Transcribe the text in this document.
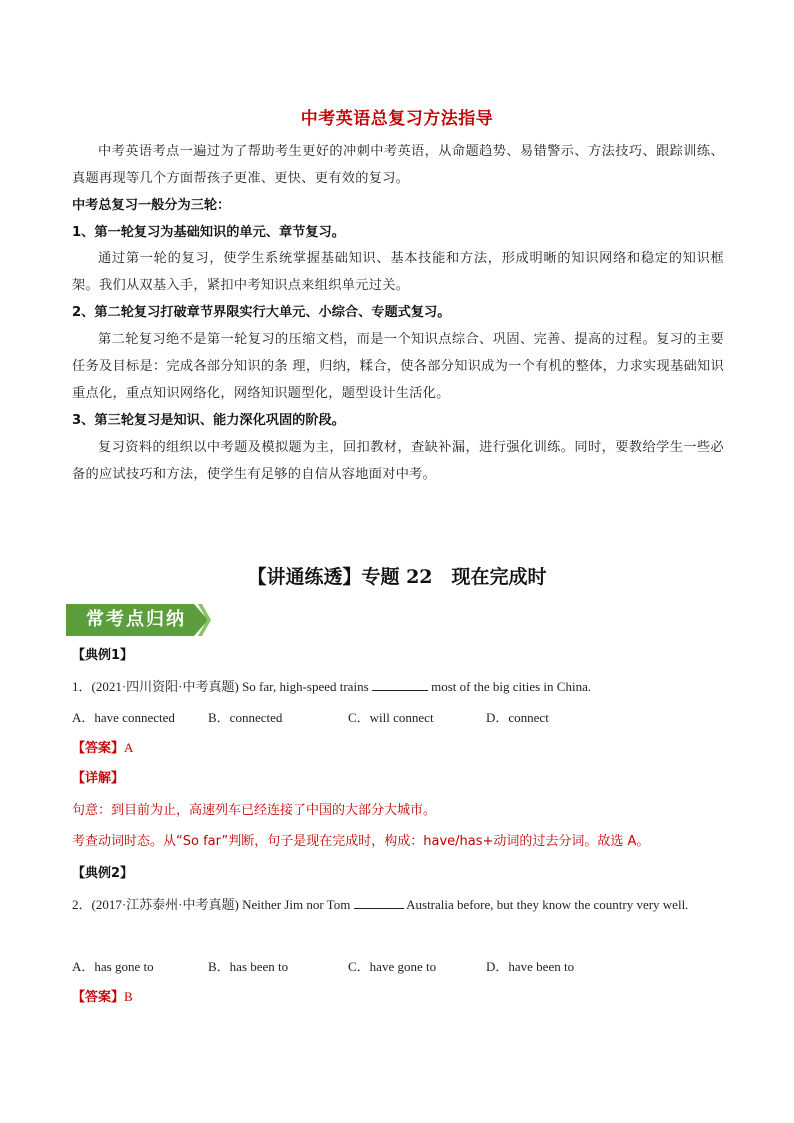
中考英语总复习方法指导
中考英语考点一遍过为了帮助考生更好的冲刺中考英语，从命题趋势、易错警示、方法技巧、跟踪训练、真题再现等几个方面帮孩子更准、更快、更有效的复习。
中考总复习一般分为三轮：
1、第一轮复习为基础知识的单元、章节复习。
通过第一轮的复习，使学生系统掌握基础知识、基本技能和方法，形成明晰的知识网络和稳定的知识框架。我们从双基入手，紧扣中考知识点来组织单元过关。
2、第二轮复习打破章节界限实行大单元、小综合、专题式复习。
第二轮复习绝不是第一轮复习的压缩文档，而是一个知识点综合、巩固、完善、提高的过程。复习的主要任务及目标是：完成各部分知识的条 理，归纳，糅合，使各部分知识成为一个有机的整体，力求实现基础知识重点化，重点知识网络化，网络知识题型化，题型设计生活化。
3、第三轮复习是知识、能力深化巩固的阶段。
复习资料的组织以中考题及模拟题为主，回扣教材，查缺补漏，进行强化训练。同时，要教给学生一些必备的应试技巧和方法，使学生有足够的自信从容地面对中考。
【讲通练透】专题 22　现在完成时
常考点归纳
【典例1】
1．(2021·四川资阳·中考真题) So far, high-speed trains	most of the big cities in China.
A．have connected	B．connected	C．will connect	D．connect
【答案】A
【详解】
句意：到目前为止，高速列车已经连接了中国的大部分大城市。
考查动词时态。从“So far”判断，句子是现在完成时，构成：have/has+动词的过去分词。故选 A。
【典例2】
2．(2017·江苏泰州·中考真题) Neither Jim nor Tom	Australia before, but they know the country very well.
A．has gone to	B．has been to	C．have gone to	D．have been to
【答案】B
